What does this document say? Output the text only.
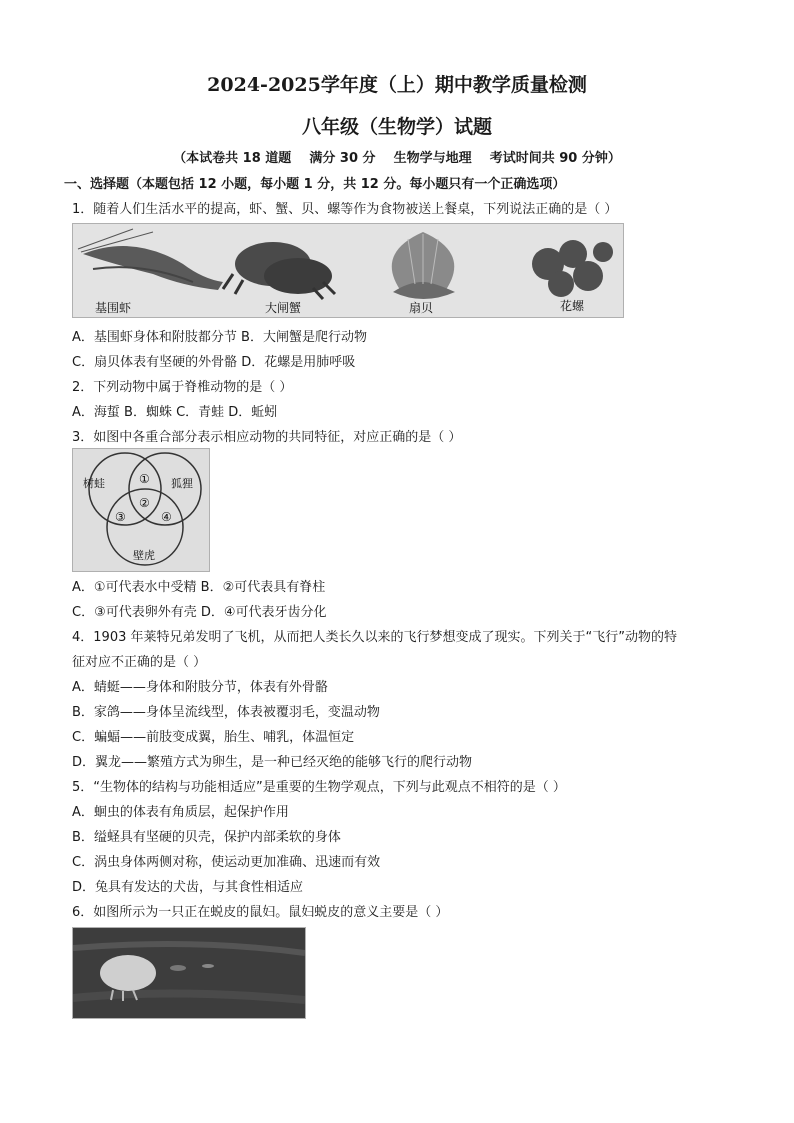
2024-2025学年度（上）期中教学质量检测
八年级（生物学）试题
（本试卷共 18 道题    满分 30 分    生物学与地理    考试时间共 90 分钟）
一、选择题（本题包括 12 小题，每小题 1 分，共 12 分。每小题只有一个正确选项）
1．随着人们生活水平的提高，虾、蟹、贝、螺等作为食物被送上餐桌，下列说法正确的是（ ）
基围虾	大闸蟹	扇贝	花螺
A．基围虾身体和附肢都分节 B．大闸蟹是爬行动物
C．扇贝体表有坚硬的外骨骼 D．花螺是用肺呼吸
2．下列动物中属于脊椎动物的是（ ）
A．海蜇 B．蜘蛛 C．青蛙 D．蚯蚓
3．如图中各重合部分表示相应动物的共同特征，对应正确的是（ ）
树蛙	狐狸
壁虎
①
②
③	④
A．①可代表水中受精 B．②可代表具有脊柱
C．③可代表卵外有壳 D．④可代表牙齿分化
4．1903 年莱特兄弟发明了飞机，从而把人类长久以来的飞行梦想变成了现实。下列关于“飞行”动物的特
征对应不正确的是（ ）
A．蜻蜓——身体和附肢分节，体表有外骨骼
B．家鸽——身体呈流线型，体表被覆羽毛，变温动物
C．蝙蝠——前肢变成翼，胎生、哺乳，体温恒定
D．翼龙——繁殖方式为卵生，是一种已经灭绝的能够飞行的爬行动物
5．“生物体的结构与功能相适应”是重要的生物学观点，下列与此观点不相符的是（ ）
A．蛔虫的体表有角质层，起保护作用
B．缢蛏具有坚硬的贝壳，保护内部柔软的身体
C．涡虫身体两侧对称，使运动更加准确、迅速而有效
D．兔具有发达的犬齿，与其食性相适应
6．如图所示为一只正在蜕皮的鼠妇。鼠妇蜕皮的意义主要是（ ）
